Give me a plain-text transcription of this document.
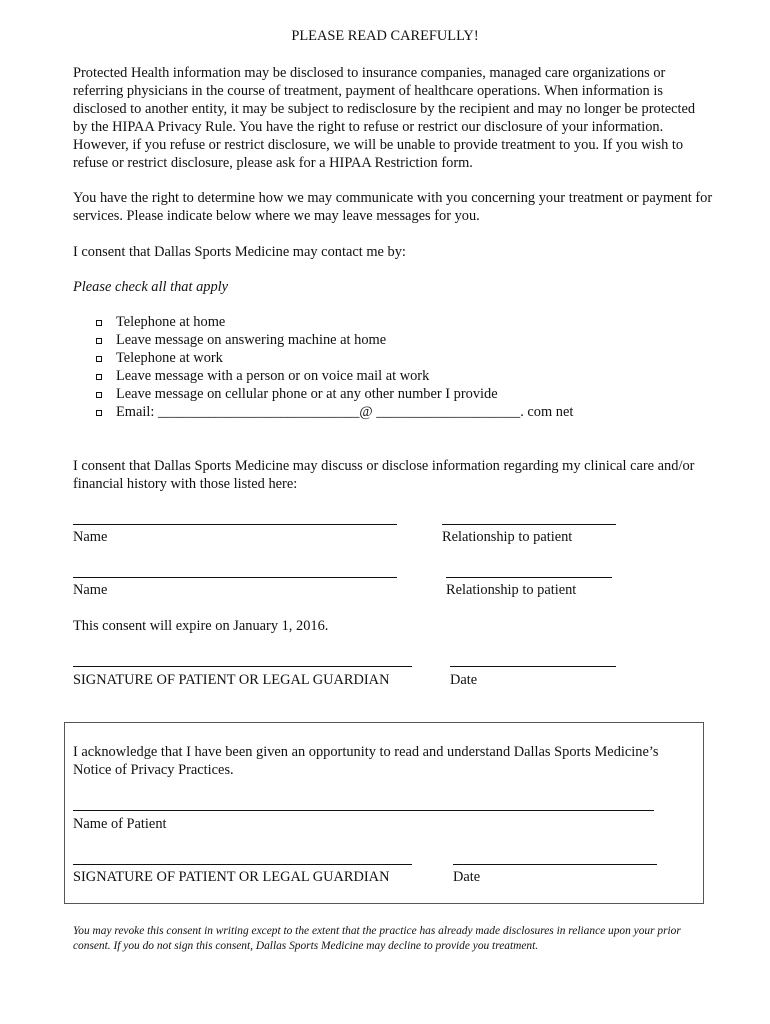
PLEASE READ CAREFULLY!

Protected Health information may be disclosed to insurance companies, managed care organizations or referring physicians in the course of treatment, payment of healthcare operations. When information is disclosed to another entity, it may be subject to redisclosure by the recipient and may no longer be protected by the HIPAA Privacy Rule. You have the right to refuse or restrict our disclosure of your information. However, if you refuse or restrict disclosure, we will be unable to provide treatment to you. If you wish to refuse or restrict disclosure, please ask for a HIPAA Restriction form.

You have the right to determine how we may communicate with you concerning your treatment or payment for services. Please indicate below where we may leave messages for you.

I consent that Dallas Sports Medicine may contact me by:

Please check all that apply

Telephone at home
Leave message on answering machine at home
Telephone at work
Leave message with a person or on voice mail at work
Leave message on cellular phone or at any other number I provide
Email: ____________________________@ ____________________. com net

I consent that Dallas Sports Medicine may discuss or disclose information regarding my clinical care and/or financial history with those listed here:

Name	Relationship to patient
Name	Relationship to patient
This consent will expire on January 1, 2016.
SIGNATURE OF PATIENT OR LEGAL GUARDIAN	Date

I acknowledge that I have been given an opportunity to read and understand Dallas Sports Medicine’s Notice of Privacy Practices.

Name of Patient
SIGNATURE OF PATIENT OR LEGAL GUARDIAN	Date
You may revoke this consent in writing except to the extent that the practice has already made disclosures in reliance upon your prior consent. If you do not sign this consent, Dallas Sports Medicine may decline to provide you treatment.
